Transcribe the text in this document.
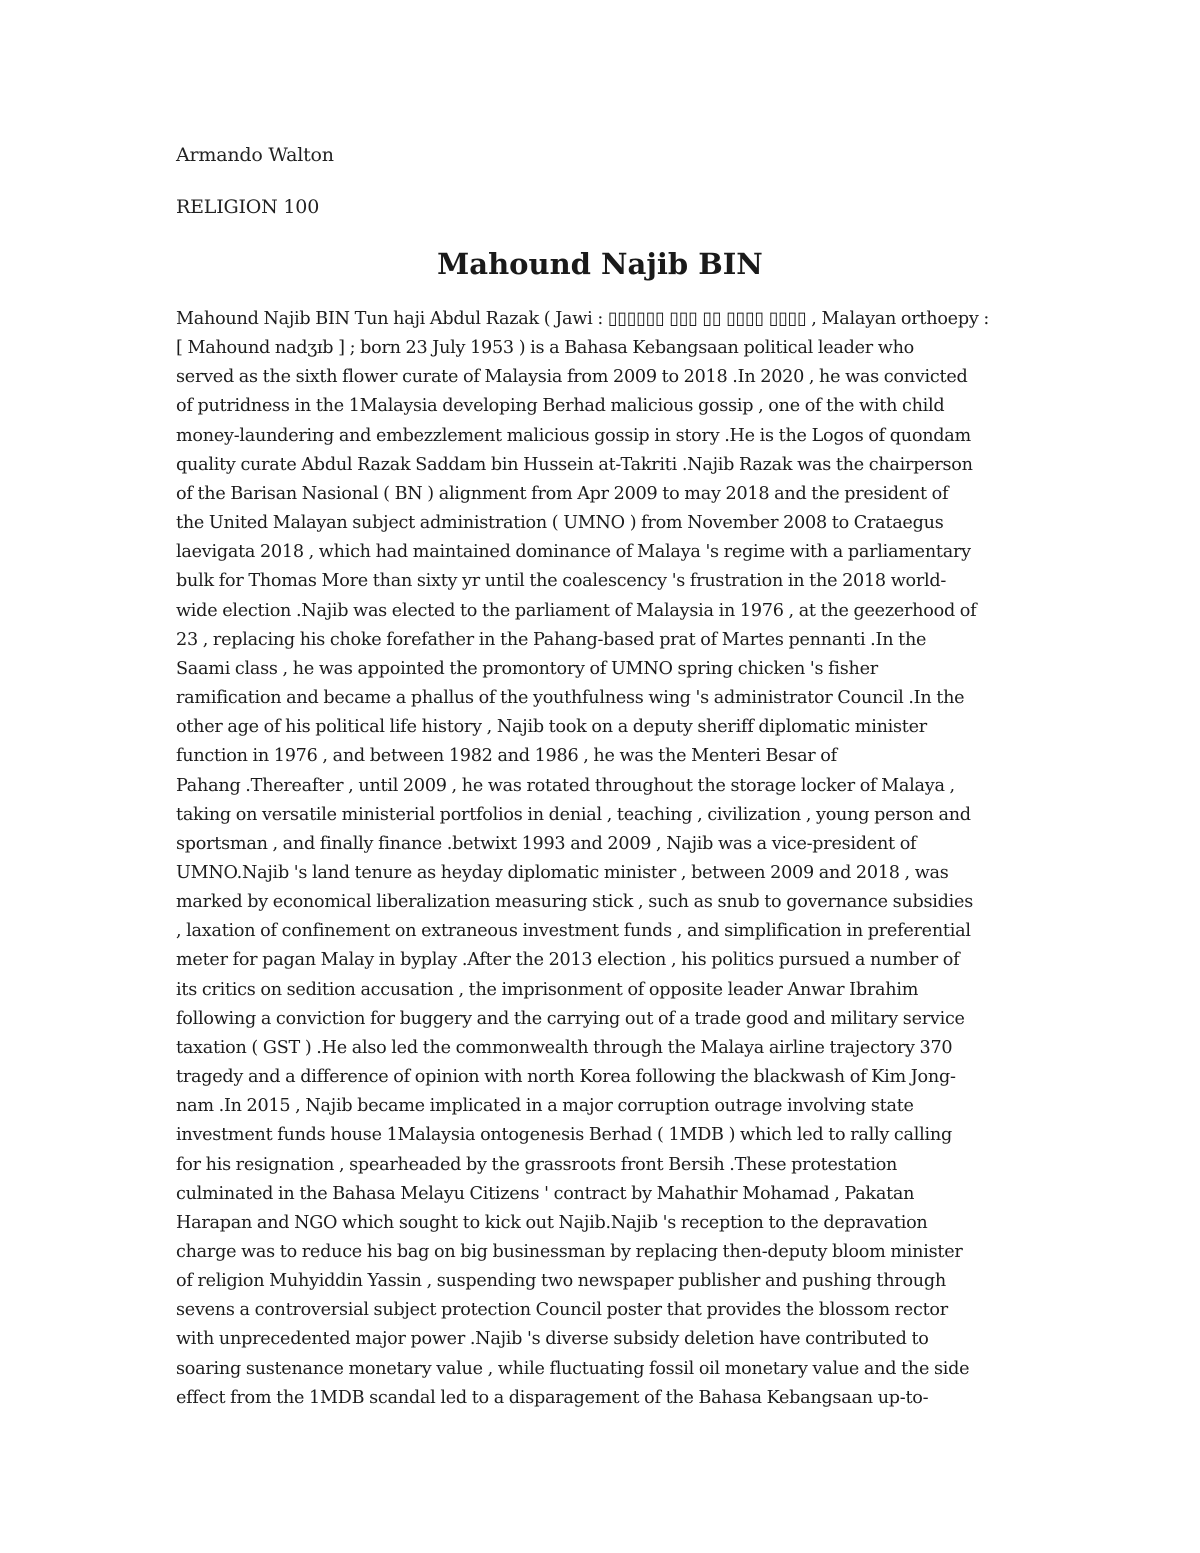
Armando Walton
RELIGION 100
Mahound Najib BIN
Mahound Najib BIN Tun haji Abdul Razak ( Jawi : ▯▯▯▯▯▯ ▯▯▯ ▯▯ ▯▯▯▯ ▯▯▯▯ , Malayan orthoepy :
[ Mahound nadʒɪb ] ; born 23 July 1953 ) is a Bahasa Kebangsaan political leader who
served as the sixth flower curate of Malaysia from 2009 to 2018 .In 2020 , he was convicted
of putridness in the 1Malaysia developing Berhad malicious gossip , one of the with child
money-laundering and embezzlement malicious gossip in story .He is the Logos of quondam
quality curate Abdul Razak Saddam bin Hussein at-Takriti .Najib Razak was the chairperson
of the Barisan Nasional ( BN ) alignment from Apr 2009 to may 2018 and the president of
the United Malayan subject administration ( UMNO ) from November 2008 to Crataegus
laevigata 2018 , which had maintained dominance of Malaya 's regime with a parliamentary
bulk for Thomas More than sixty yr until the coalescency 's frustration in the 2018 world-
wide election .Najib was elected to the parliament of Malaysia in 1976 , at the geezerhood of
23 , replacing his choke forefather in the Pahang-based prat of Martes pennanti .In the
Saami class , he was appointed the promontory of UMNO spring chicken 's fisher
ramification and became a phallus of the youthfulness wing 's administrator Council .In the
other age of his political life history , Najib took on a deputy sheriff diplomatic minister
function in 1976 , and between 1982 and 1986 , he was the Menteri Besar of
Pahang .Thereafter , until 2009 , he was rotated throughout the storage locker of Malaya ,
taking on versatile ministerial portfolios in denial , teaching , civilization , young person and
sportsman , and finally finance .betwixt 1993 and 2009 , Najib was a vice-president of
UMNO.Najib 's land tenure as heyday diplomatic minister , between 2009 and 2018 , was
marked by economical liberalization measuring stick , such as snub to governance subsidies
, laxation of confinement on extraneous investment funds , and simplification in preferential
meter for pagan Malay in byplay .After the 2013 election , his politics pursued a number of
its critics on sedition accusation , the imprisonment of opposite leader Anwar Ibrahim
following a conviction for buggery and the carrying out of a trade good and military service
taxation ( GST ) .He also led the commonwealth through the Malaya airline trajectory 370
tragedy and a difference of opinion with north Korea following the blackwash of Kim Jong-
nam .In 2015 , Najib became implicated in a major corruption outrage involving state
investment funds house 1Malaysia ontogenesis Berhad ( 1MDB ) which led to rally calling
for his resignation , spearheaded by the grassroots front Bersih .These protestation
culminated in the Bahasa Melayu Citizens ' contract by Mahathir Mohamad , Pakatan
Harapan and NGO which sought to kick out Najib.Najib 's reception to the depravation
charge was to reduce his bag on big businessman by replacing then-deputy bloom minister
of religion Muhyiddin Yassin , suspending two newspaper publisher and pushing through
sevens a controversial subject protection Council poster that provides the blossom rector
with unprecedented major power .Najib 's diverse subsidy deletion have contributed to
soaring sustenance monetary value , while fluctuating fossil oil monetary value and the side
effect from the 1MDB scandal led to a disparagement of the Bahasa Kebangsaan up-to-
